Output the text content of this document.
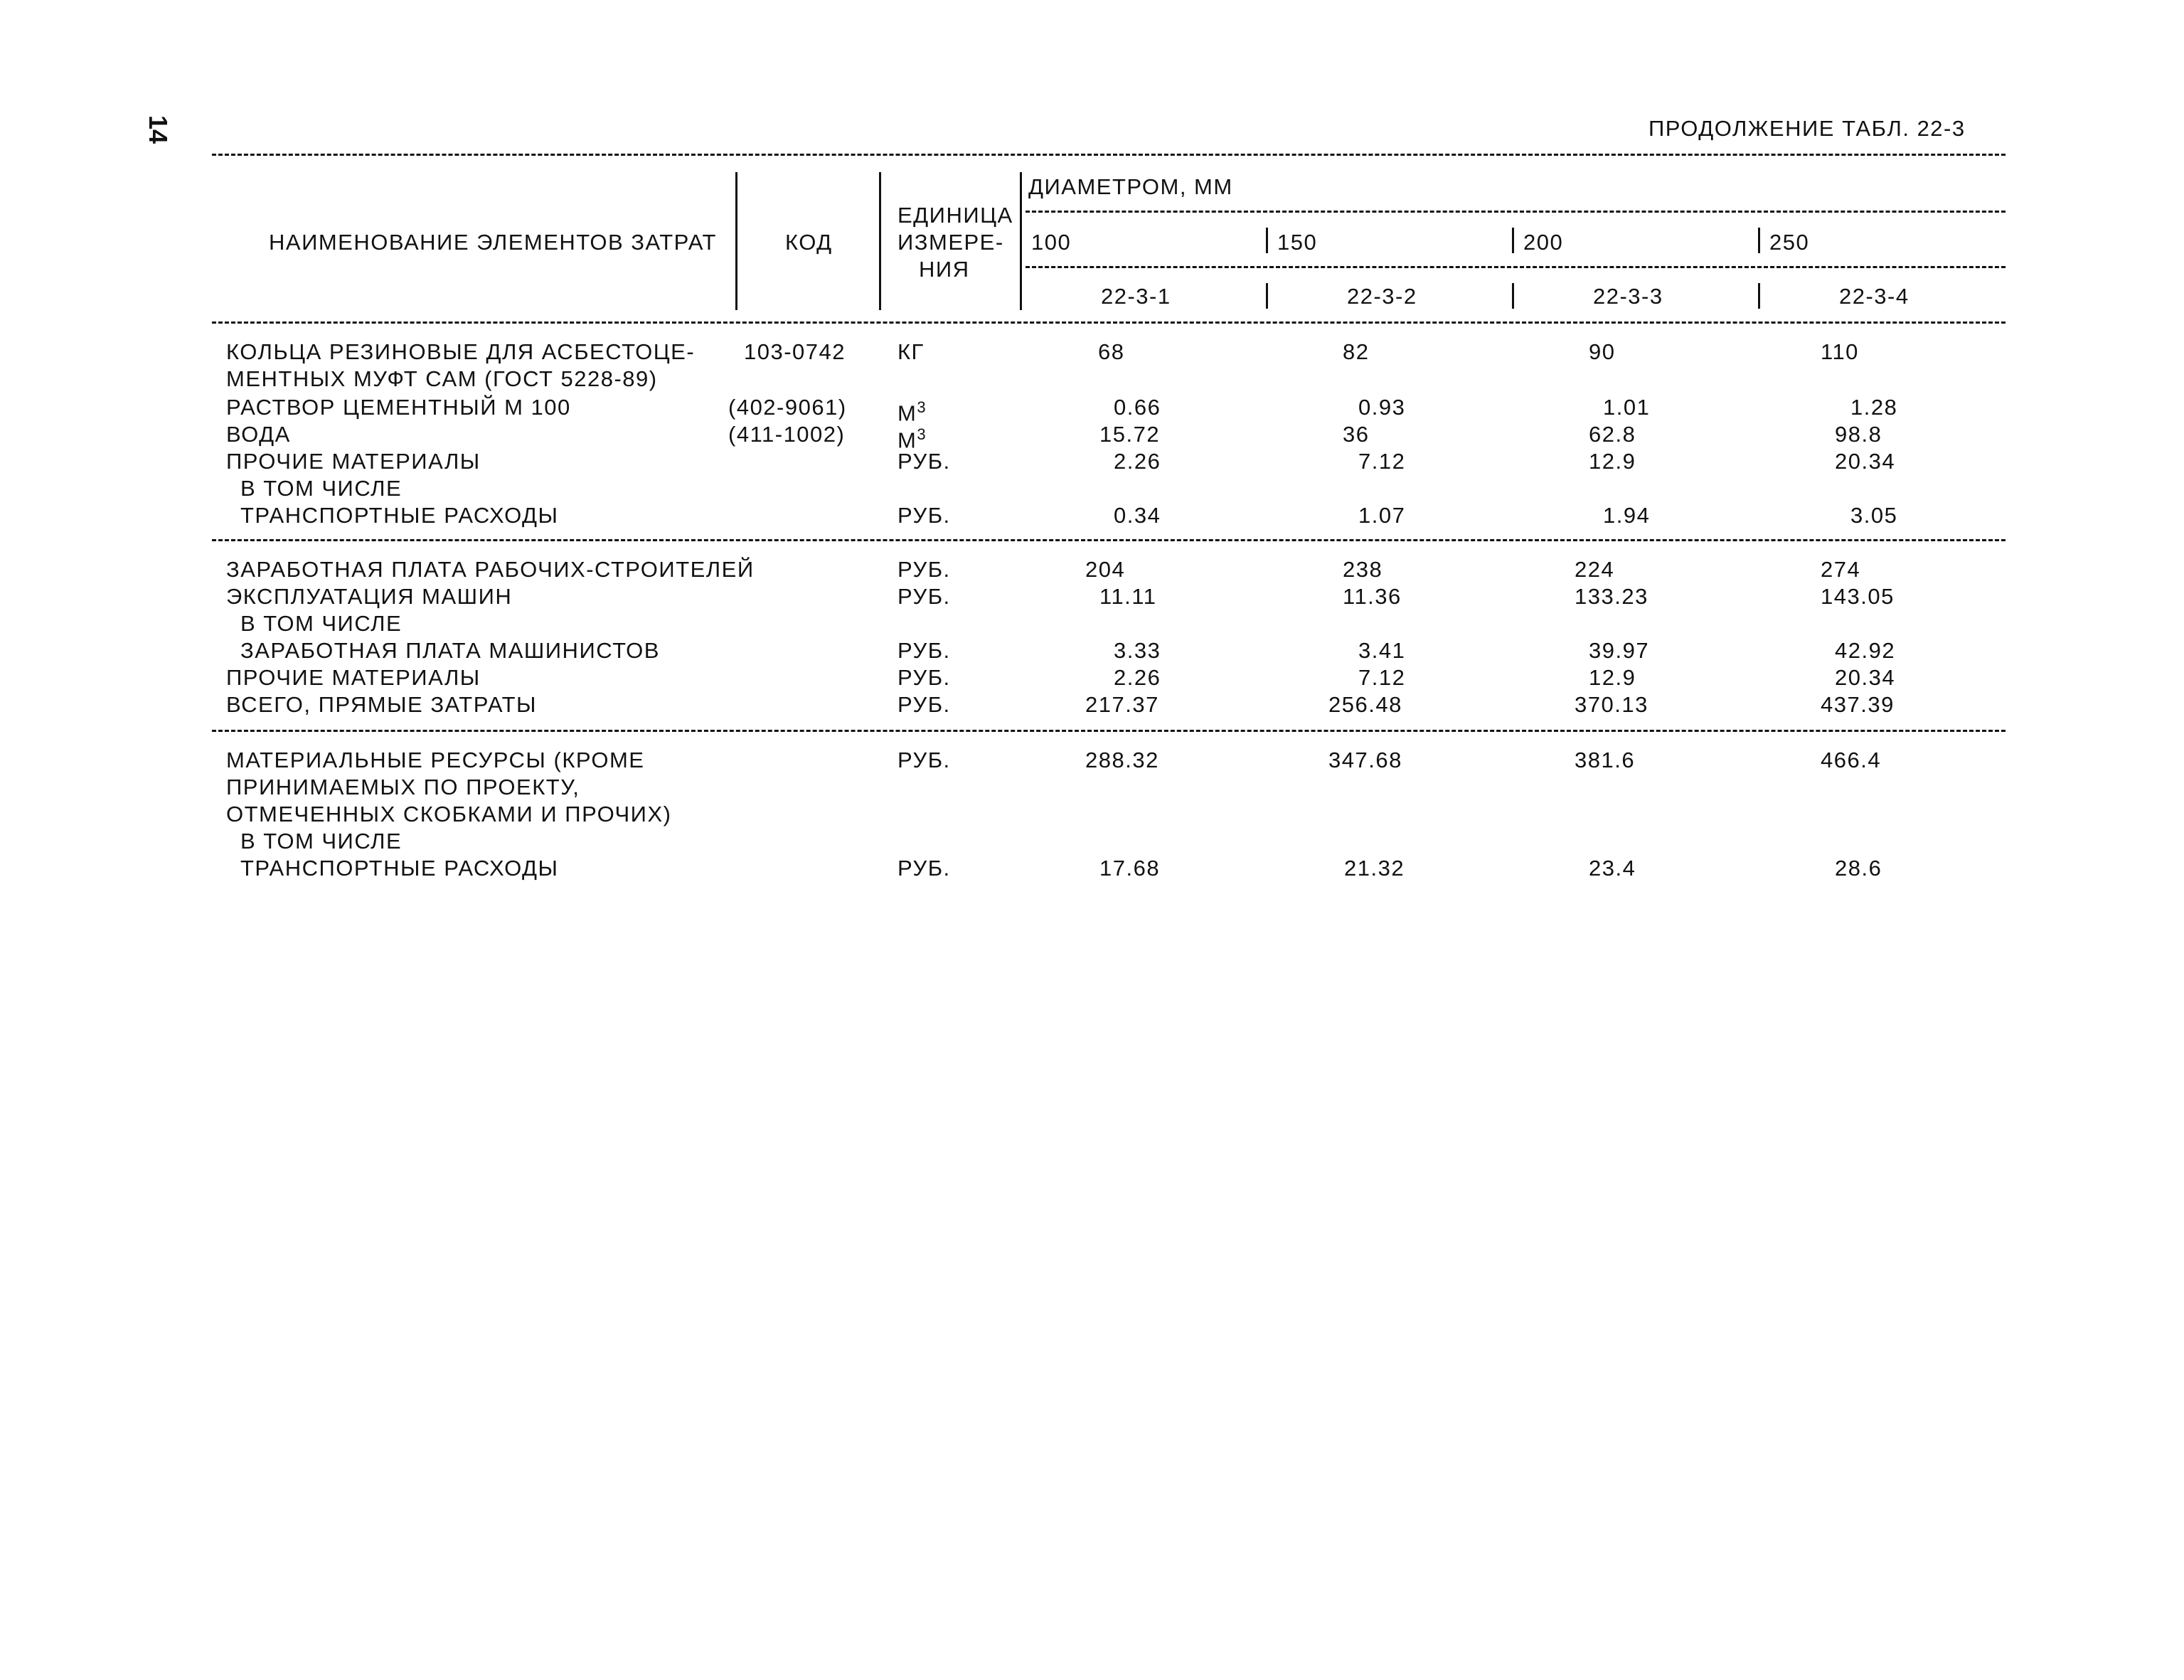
14	ПРОДОЛЖЕНИЕ ТАБЛ. 22-3
НАИМЕНОВАНИЕ ЭЛЕМЕНТОВ ЗАТРАТ	КОД
ЕДИНИЦА
ИЗМЕРЕ-
НИЯ
ДИАМЕТРОМ, ММ
100	150	200	250
22-3-1	22-3-2	22-3-3	22-3-4
КОЛЬЦА РЕЗИНОВЫЕ ДЛЯ АСБЕСТОЦЕ-
МЕНТНЫХ МУФТ САМ (ГОСТ 5228-89)
103-0742 КГ	68	82	90	110
РАСТВОР ЦЕМЕНТНЫЙ М 100	(402-9061) $М^3$	0.66	0.93	1.01	1.28
ВОДА	(411-1002) $М^3$	15.72	36	62.8	98.8
ПРОЧИЕ МАТЕРИАЛЫ	РУБ.	2.26	7.12	12.9	20.34
В ТОМ ЧИСЛЕ
ТРАНСПОРТНЫЕ РАСХОДЫ	РУБ.	0.34	1.07	1.94	3.05
ЗАРАБОТНАЯ ПЛАТА РАБОЧИХ-СТРОИТЕЛЕЙ	РУБ.	204	238	224	274
ЭКСПЛУАТАЦИЯ МАШИН	РУБ.	11.11	11.36	133.23	143.05
В ТОМ ЧИСЛЕ
ЗАРАБОТНАЯ ПЛАТА МАШИНИСТОВ	РУБ.	3.33	3.41	39.97	42.92
ПРОЧИЕ МАТЕРИАЛЫ	РУБ.	2.26	7.12	12.9	20.34
ВСЕГО, ПРЯМЫЕ ЗАТРАТЫ	РУБ.	217.37	256.48	370.13	437.39
МАТЕРИАЛЬНЫЕ РЕСУРСЫ (КРОМЕ
ПРИНИМАЕМЫХ ПО ПРОЕКТУ,
ОТМЕЧЕННЫХ СКОБКАМИ И ПРОЧИХ)
РУБ.	288.32	347.68	381.6	466.4
В ТОМ ЧИСЛЕ
ТРАНСПОРТНЫЕ РАСХОДЫ	РУБ.	17.68	21.32	23.4	28.6
